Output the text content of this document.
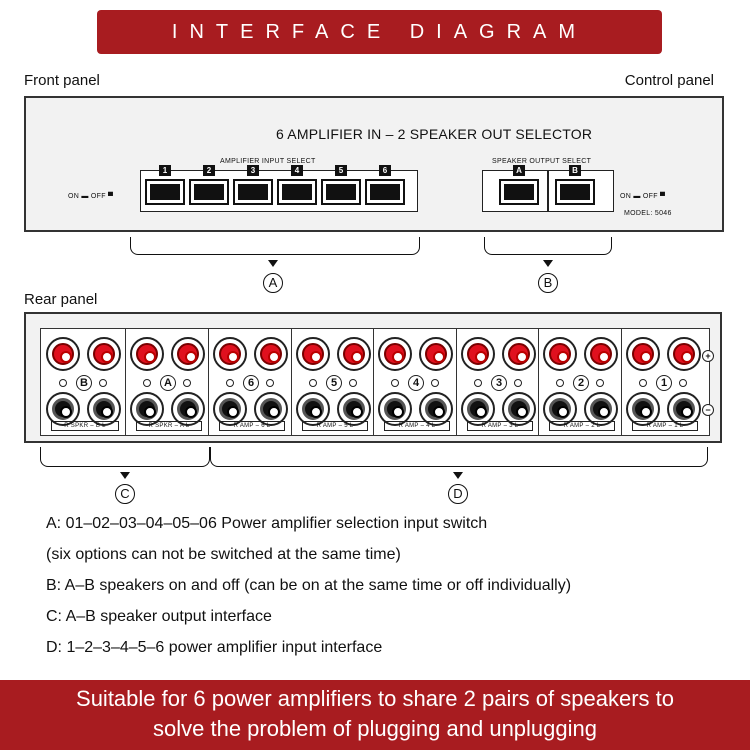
INTERFACE DIAGRAM
Front panel	Control panel
6 AMPLIFIER IN – 2 SPEAKER OUT SELECTOR
AMPLIFIER INPUT SELECT	SPEAKER OUTPUT SELECT
ON ▬ OFF ▀	ON ▬ OFF ▀
MODEL: 5046
1	2	3	4	5	6	A	B
A	B
Rear panel
B
R SPKR – B L
A
R SPKR – A L
6
R AMP – 6 L
5
R AMP – 5 L
4
R AMP – 4 L
3
R AMP – 3 L
2
R AMP – 2 L
1
R AMP – 1 L
+
−
C	D
A: 01–02–03–04–05–06 Power amplifier selection input switch
(six options can not be switched at the same time)
B: A–B speakers on and off (can be on at the same time or off individually)
C: A–B speaker output interface
D: 1–2–3–4–5–6 power amplifier input interface
Suitable for 6 power amplifiers to share 2 pairs of speakers to
solve the problem of plugging and unplugging
